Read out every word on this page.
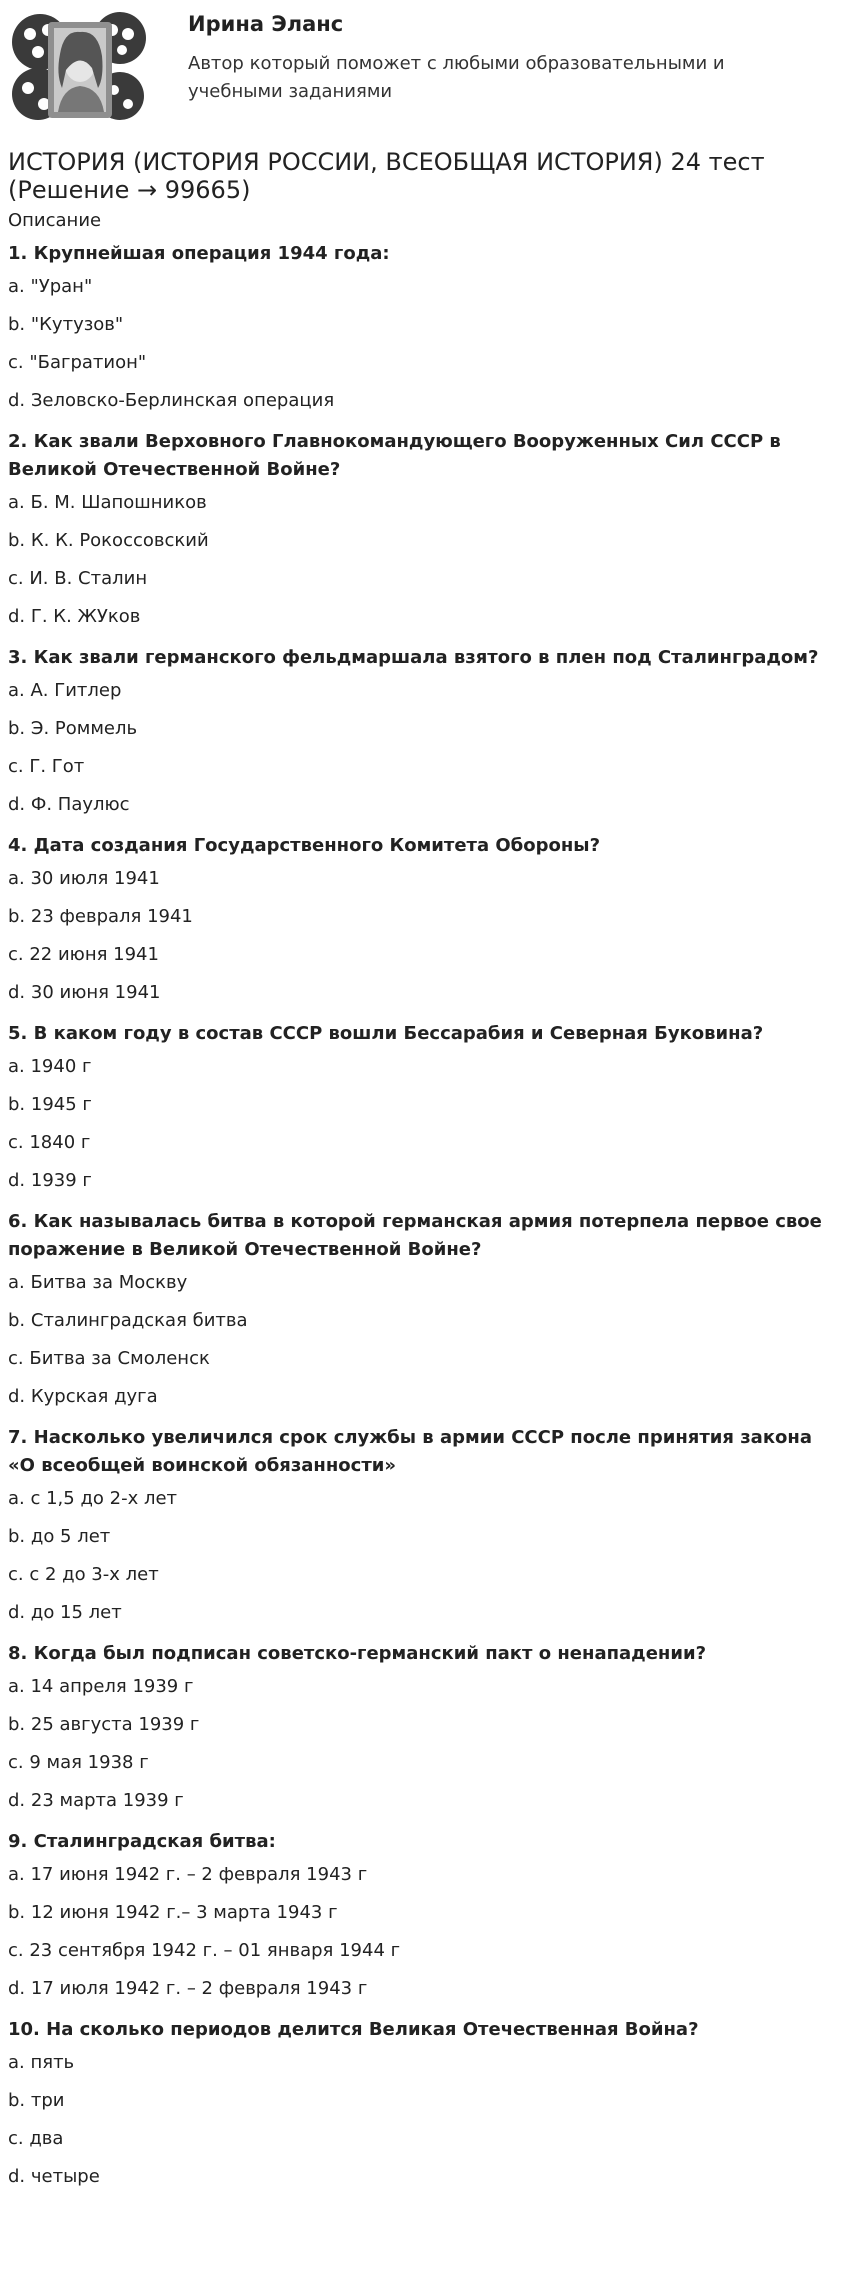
Ирина Эланс
Автор который поможет с любыми образовательными и учебными заданиями
ИСТОРИЯ (ИСТОРИЯ РОССИИ, ВСЕОБЩАЯ ИСТОРИЯ) 24 тест (Решение → 99665)
Описание
1. Крупнейшая операция 1944 года:
a. "Уран"
b. "Кутузов"
c. "Багратион"
d. Зеловско-Берлинская операция
2. Как звали Верховного Главнокомандующего Вооруженных Сил СССР в Великой Отечественной Войне?
a. Б. М. Шапошников
b. К. К. Рокоссовский
c. И. В. Сталин
d. Г. К. ЖУков
3. Как звали германского фельдмаршала взятого в плен под Сталинградом?
a. А. Гитлер
b. Э. Роммель
c. Г. Гот
d. Ф. Паулюс
4. Дата создания Государственного Комитета Обороны?
a. 30 июля 1941
b. 23 февраля 1941
c. 22 июня 1941
d. 30 июня 1941
5. В каком году в состав СССР вошли Бессарабия и Северная Буковина?
a. 1940 г
b. 1945 г
c. 1840 г
d. 1939 г
6. Как называлась битва в которой германская армия потерпела первое свое поражение в Великой Отечественной Войне?
a. Битва за Москву
b. Сталинградская битва
c. Битва за Смоленск
d. Курская дуга
7. Насколько увеличился срок службы в армии СССР после принятия закона «О всеобщей воинской обязанности»
a. с 1,5 до 2-х лет
b. до 5 лет
c. с 2 до 3-х лет
d. до 15 лет
8. Когда был подписан советско-германский пакт о ненападении?
a. 14 апреля 1939 г
b. 25 августа 1939 г
c. 9 мая 1938 г
d. 23 марта 1939 г
9. Сталинградская битва:
a. 17 июня 1942 г. – 2 февраля 1943 г
b. 12 июня 1942 г.– 3 марта 1943 г
c. 23 сентября 1942 г. – 01 января 1944 г
d. 17 июля 1942 г. – 2 февраля 1943 г
10. На сколько периодов делится Великая Отечественная Война?
a. пять
b. три
c. два
d. четыре
